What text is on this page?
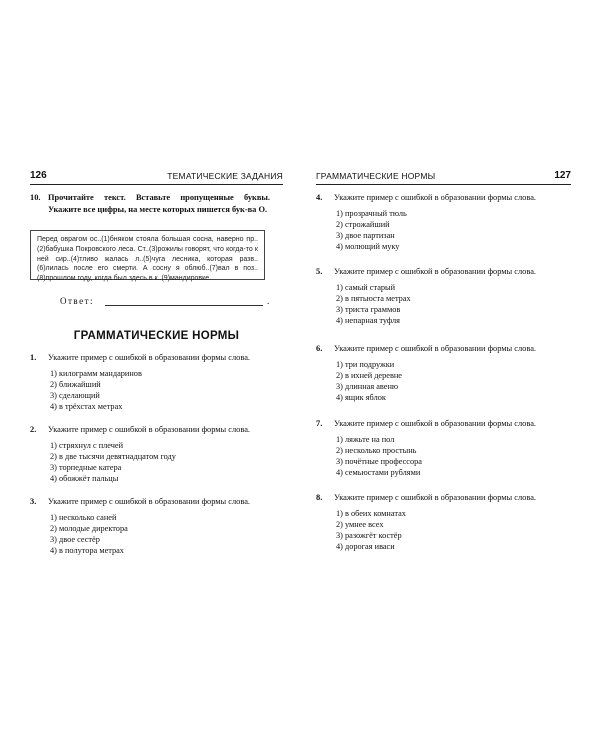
126	ТЕМАТИЧЕСКИЕ ЗАДАНИЯ
10. Прочитайте текст. Вставьте пропущенные буквы. Укажите все цифры, на месте которых пишется бук-ва О.
Перед оврагом ос..(1)бняком стояла большая сосна, наверно пр..(2)бабушка Покровского леса. Ст..(3)рожилы говорят, что когда-то к ней сир..(4)тливо жалась л..(5)чуга лесника, которая разв..(6)лилась после его смерти. А сосну я облюб..(7)вал в поз..(8)прошлом году, когда был здесь в к..(9)мандировке.
Ответ:	.
ГРАММАТИЧЕСКИЕ НОРМЫ
1. Укажите пример с ошибкой в образовании формы слова.
1) килограмм мандаринов
2) ближайший
3) сделающий
4) в трёхстах метрах
2. Укажите пример с ошибкой в образовании формы слова.
1) стряхнул с плечей
2) в две тысячи девятнадцатом году
3) торпедные катера
4) обожжёт пальцы
3. Укажите пример с ошибкой в образовании формы слова.
1) несколько саней
2) молодые директора
3) двое сестёр
4) в полутора метрах
ГРАММАТИЧЕСКИЕ НОРМЫ	127
4. Укажите пример с ошибкой в образовании формы слова.
1) прозрачный тюль
2) строжайший
3) двое партизан
4) молющий муку
5. Укажите пример с ошибкой в образовании формы слова.
1) самый старый
2) в пятьюста метрах
3) триста граммов
4) непарная туфля
6. Укажите пример с ошибкой в образовании формы слова.
1) три подружки
2) в ихней деревне
3) длинная авеню
4) ящик яблок
7. Укажите пример с ошибкой в образовании формы слова.
1) ляжьте на пол
2) несколько простынь
3) почётные профессора
4) семьюстами рублями
8. Укажите пример с ошибкой в образовании формы слова.
1) в обеих комнатах
2) умнее всех
3) разожгёт костёр
4) дорогая иваси
